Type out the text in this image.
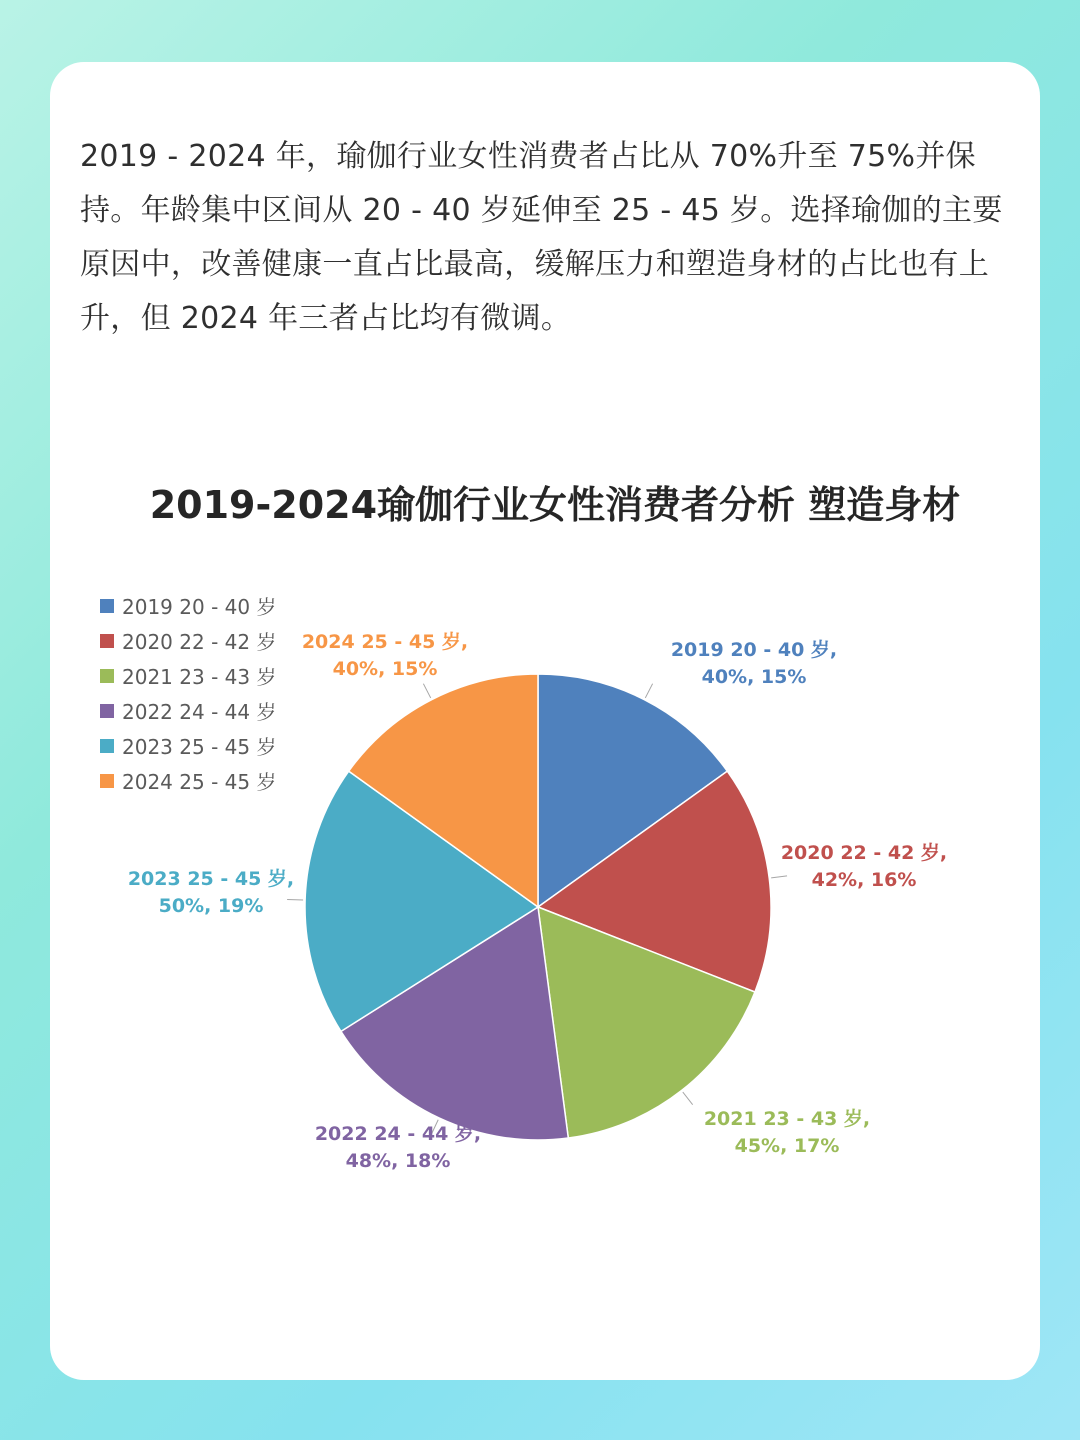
2019 - 2024 年，瑜伽行业女性消费者占比从 70%升至 75%并保持。年龄集中区间从 20 - 40 岁延伸至 25 - 45 岁。选择瑜伽的主要原因中，改善健康一直占比最高，缓解压力和塑造身材的占比也有上升，但 2024 年三者占比均有微调。

2019-2024瑜伽行业女性消费者分析 塑造身材
2019 20 - 40 岁
2020 22 - 42 岁
2021 23 - 43 岁
2022 24 - 44 岁
2023 25 - 45 岁
2024 25 - 45 岁
2019 20 - 40 岁, 40%, 15%
2020 22 - 42 岁, 42%, 16%
2021 23 - 43 岁, 45%, 17%
2022 24 - 44 岁, 48%, 18%
2023 25 - 45 岁, 50%, 19%
2024 25 - 45 岁, 40%, 15%
